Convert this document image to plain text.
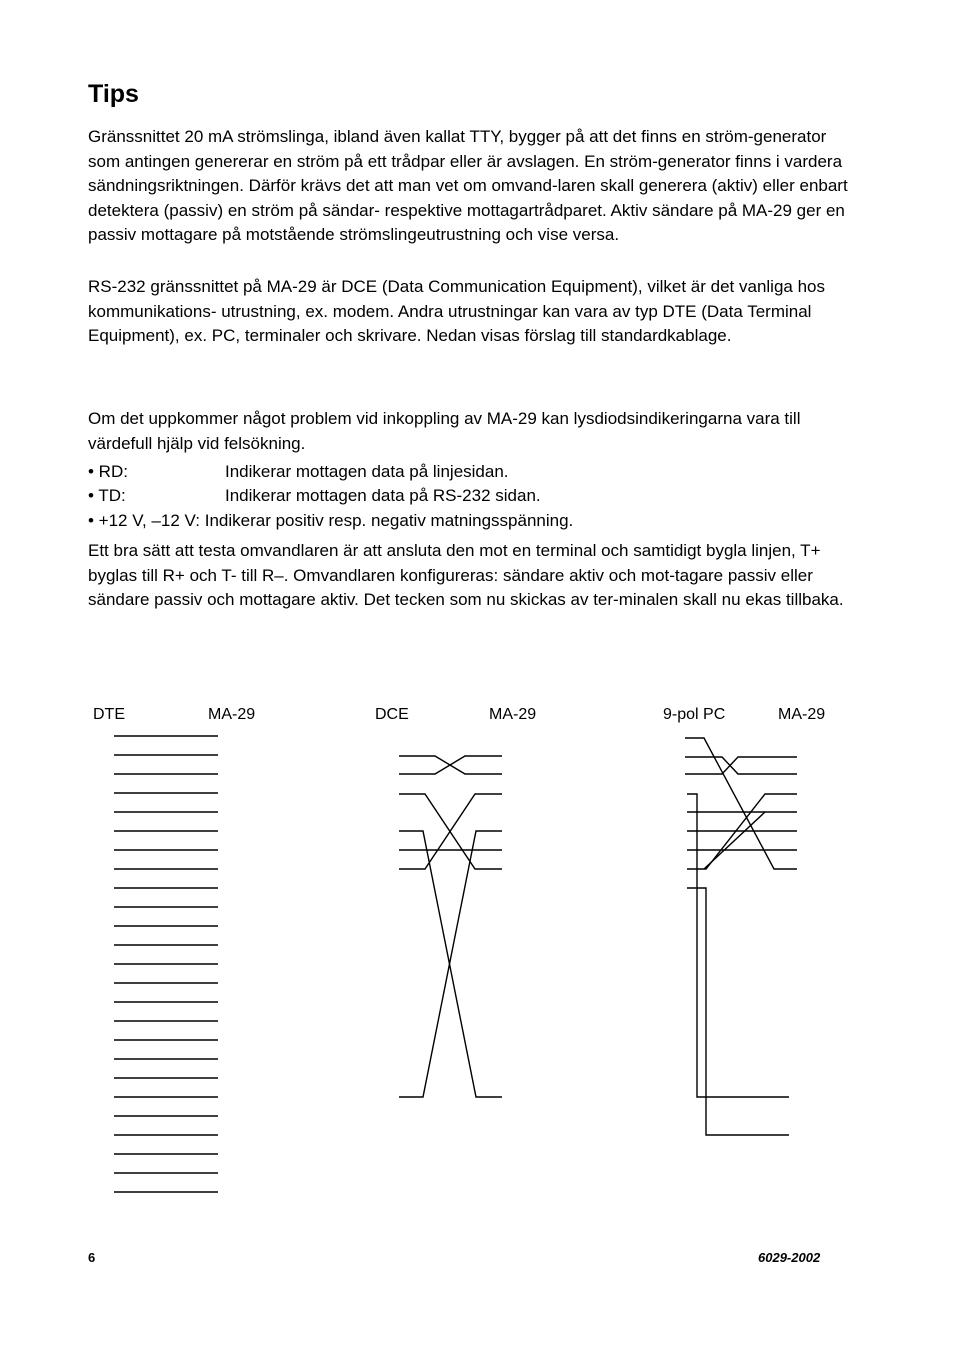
Tips

Gränssnittet 20 mA strömslinga, ibland även kallat TTY, bygger på att det finns en ström-generator som antingen genererar en ström på ett trådpar eller är avslagen. En ström-generator finns i vardera sändningsriktningen. Därför krävs det att man vet om omvand-laren skall generera (aktiv) eller enbart detektera (passiv) en ström på sändar- respektive mottagartrådparet. Aktiv sändare på MA-29 ger en passiv mottagare på motstående strömslingeutrustning och vise versa.

RS-232 gränssnittet på MA-29 är DCE (Data Communication Equipment), vilket är det vanliga hos kommunikations- utrustning, ex. modem. Andra utrustningar kan vara av typ DTE (Data Terminal Equipment), ex. PC, terminaler och skrivare. Nedan visas förslag till standardkablage.

Om det uppkommer något problem vid inkoppling av MA-29 kan lysdiodsindikeringarna vara till värdefull hjälp vid felsökning.

• RD:	Indikerar mottagen data på linjesidan.
• TD:	Indikerar mottagen data på RS-232 sidan.
• +12 V, –12 V: Indikerar positiv resp. negativ matningsspänning.

Ett bra sätt att testa omvandlaren är att ansluta den mot en terminal och samtidigt bygla linjen, T+ byglas till R+ och T- till R–. Omvandlaren konfigureras: sändare aktiv och mot-tagare passiv eller sändare passiv och mottagare aktiv. Det tecken som nu skickas av ter-minalen skall nu ekas tillbaka.

DTE	MA-29	DCE	MA-29	9-pol PC	MA-29
6	6029-2002
